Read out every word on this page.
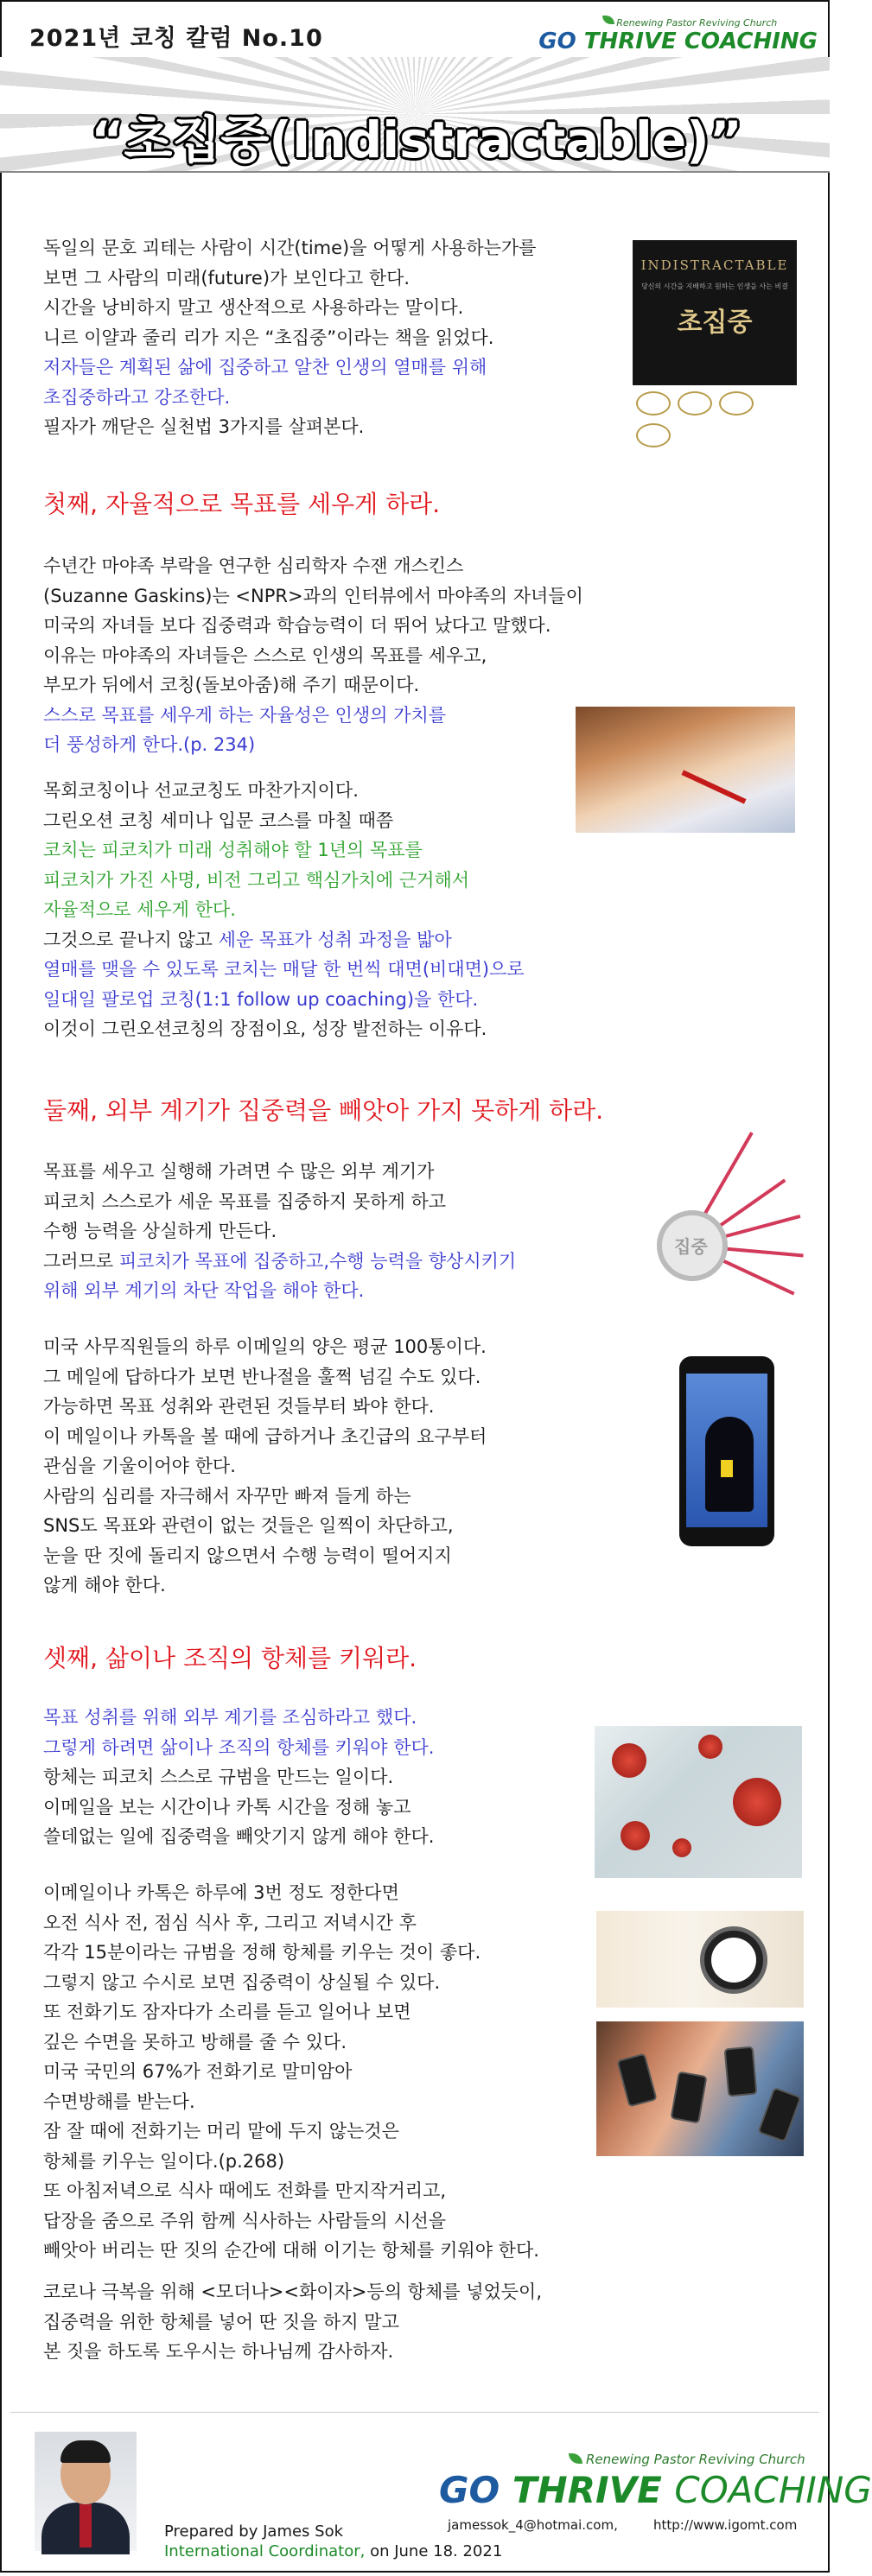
2021년 코칭 칼럼 No.10
Renewing Pastor Reviving Church
GO THRIVE COACHING
“초집중(Indistractable)”
INDISTRACTABLE
당신의 시간을 지배하고 원하는 인생을 사는 비결
초집중
독일의 문호 괴테는 사람이 시간(time)을 어떻게 사용하는가를
보면 그 사람의 미래(future)가 보인다고 한다.
시간을 낭비하지 말고 생산적으로 사용하라는 말이다.
니르 이얄과 줄리 리가 지은 “초집중”이라는 책을 읽었다.
저자들은 계획된 삶에 집중하고 알찬 인생의 열매를 위해
초집중하라고 강조한다.
필자가 깨닫은 실천법 3가지를 살펴본다.
첫째, 자율적으로 목표를 세우게 하라.
수년간 마야족 부락을 연구한 심리학자 수잰 개스킨스
(Suzanne Gaskins)는 <NPR>과의 인터뷰에서 마야족의 자녀들이
미국의 자녀들 보다 집중력과 학습능력이 더 뛰어 났다고 말했다.
이유는 마야족의 자녀들은 스스로 인생의 목표를 세우고,
부모가 뒤에서 코칭(돌보아줌)해 주기 때문이다.
스스로 목표를 세우게 하는 자율성은 인생의 가치를
더 풍성하게 한다.(p. 234)
목회코칭이나 선교코칭도 마찬가지이다.
그린오션 코칭 세미나 입문 코스를 마칠 때쯤
코치는 피코치가 미래 성취해야 할 1년의 목표를
피코치가 가진 사명, 비전 그리고 핵심가치에 근거해서
자율적으로 세우게 한다.
그것으로 끝나지 않고 세운 목표가 성취 과정을 밟아
열매를 맺을 수 있도록 코치는 매달 한 번씩 대면(비대면)으로
일대일 팔로업 코칭(1:1 follow up coaching)을 한다.
이것이 그린오션코칭의 장점이요, 성장 발전하는 이유다.
둘째, 외부 계기가 집중력을 빼앗아 가지 못하게 하라.
목표를 세우고 실행해 가려면 수 많은 외부 계기가
피코치 스스로가 세운 목표를 집중하지 못하게 하고
수행 능력을 상실하게 만든다.
그러므로 피코치가 목표에 집중하고,수행 능력을 향상시키기
위해 외부 계기의 차단 작업을 해야 한다.
집중
미국 사무직원들의 하루 이메일의 양은 평균 100통이다.
그 메일에 답하다가 보면 반나절을 훌쩍 넘길 수도 있다.
가능하면 목표 성취와 관련된 것들부터 봐야 한다.
이 메일이나 카톡을 볼 때에 급하거나 초긴급의 요구부터
관심을 기울이어야 한다.
사람의 심리를 자극해서 자꾸만 빠져 들게 하는
SNS도 목표와 관련이 없는 것들은 일찍이 차단하고,
눈을 딴 짓에 돌리지 않으면서 수행 능력이 떨어지지
않게 해야 한다.
셋째, 삶이나 조직의 항체를 키워라.
목표 성취를 위해 외부 계기를 조심하라고 했다.
그렇게 하려면 삶이나 조직의 항체를 키워야 한다.
항체는 피코치 스스로 규범을 만드는 일이다.
이메일을 보는 시간이나 카톡 시간을 정해 놓고
쓸데없는 일에 집중력을 빼앗기지 않게 해야 한다.
이메일이나 카톡은 하루에 3번 정도 정한다면
오전 식사 전, 점심 식사 후, 그리고 저녁시간 후
각각 15분이라는 규범을 정해 항체를 키우는 것이 좋다.
그렇지 않고 수시로 보면 집중력이 상실될 수 있다.
또 전화기도 잠자다가 소리를 듣고 일어나 보면
깊은 수면을 못하고 방해를 줄 수 있다.
미국 국민의 67%가 전화기로 말미암아
수면방해를 받는다.
잠 잘 때에 전화기는 머리 맡에 두지 않는것은
항체를 키우는 일이다.(p.268)
또 아침저녁으로 식사 때에도 전화를 만지작거리고,
답장을 줌으로 주위 함께 식사하는 사람들의 시선을
빼앗아 버리는 딴 짓의 순간에 대해 이기는 항체를 키워야 한다.
코로나 극복을 위해 <모더나><화이자>등의 항체를 넣었듯이,
집중력을 위한 항체를 넣어 딴 짓을 하지 말고
본 짓을 하도록 도우시는 하나님께 감사하자.
Prepared by James Sok
International Coordinator, on June 18. 2021
Renewing Pastor Reviving Church
GO THRIVE COACHING
jamessok_4@hotmai.com,	http://www.igomt.com
